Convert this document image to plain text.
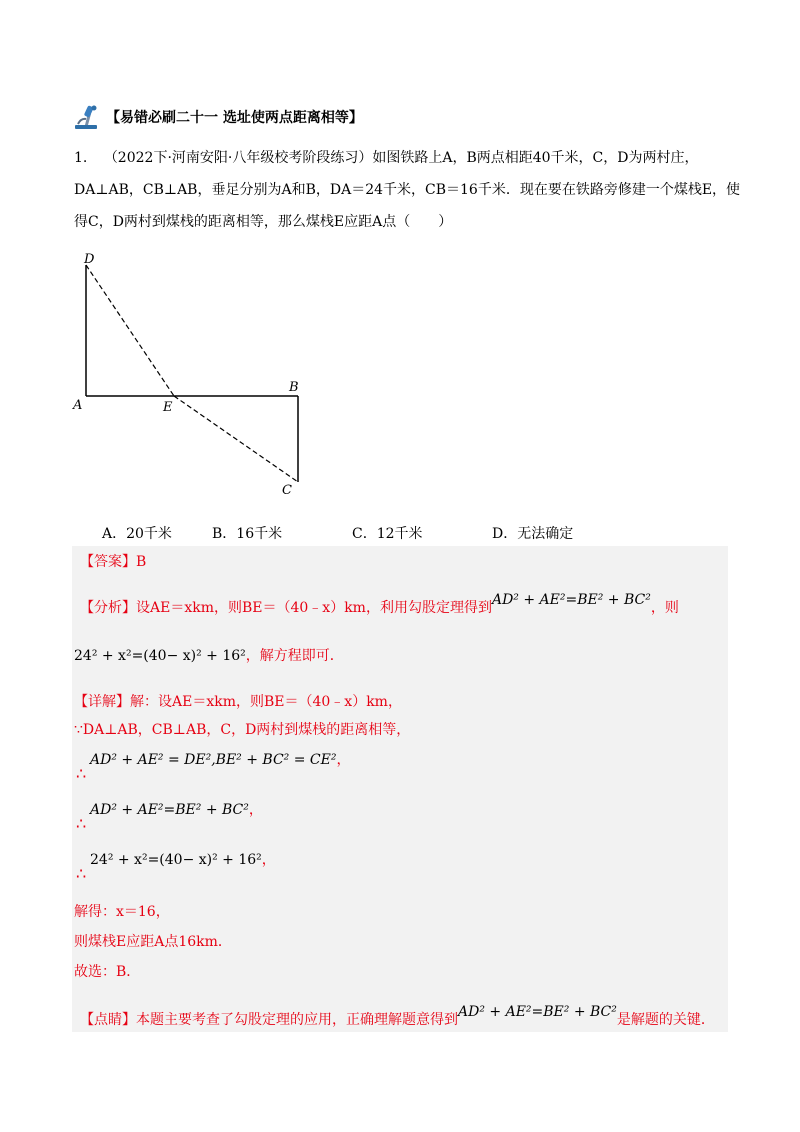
【易错必刷二十一 选址使两点距离相等】
1. （2022下·河南安阳·八年级校考阶段练习）如图铁路上A，B两点相距40千米，C，D为两村庄，
DA⊥AB，CB⊥AB，垂足分别为A和B，DA＝24千米，CB＝16千米．现在要在铁路旁修建一个煤栈E，使
得C，D两村到煤栈的距离相等，那么煤栈E应距A点（　　）
D
A	E
B
C
A．20千米	B．16千米	C．12千米	D．无法确定
【答案】B
【分析】设AE＝xkm，则BE＝（40﹣x）km，利用勾股定理得到AD² + AE²=BE² + BC²，则
24² + x²=(40− x)² + 16²，解方程即可．
【详解】解：设AE＝xkm，则BE＝（40﹣x）km，
∵DA⊥AB，CB⊥AB，C，D两村到煤栈的距离相等，
∴
AD² + AE² = DE²,BE² + BC² = CE²，
∴
AD² + AE²=BE² + BC²，
∴
24² + x²=(40− x)² + 16²，
解得：x＝16，
则煤栈E应距A点16km．
故选：B．
【点睛】本题主要考查了勾股定理的应用，正确理解题意得到AD² + AE²=BE² + BC²是解题的关键．
